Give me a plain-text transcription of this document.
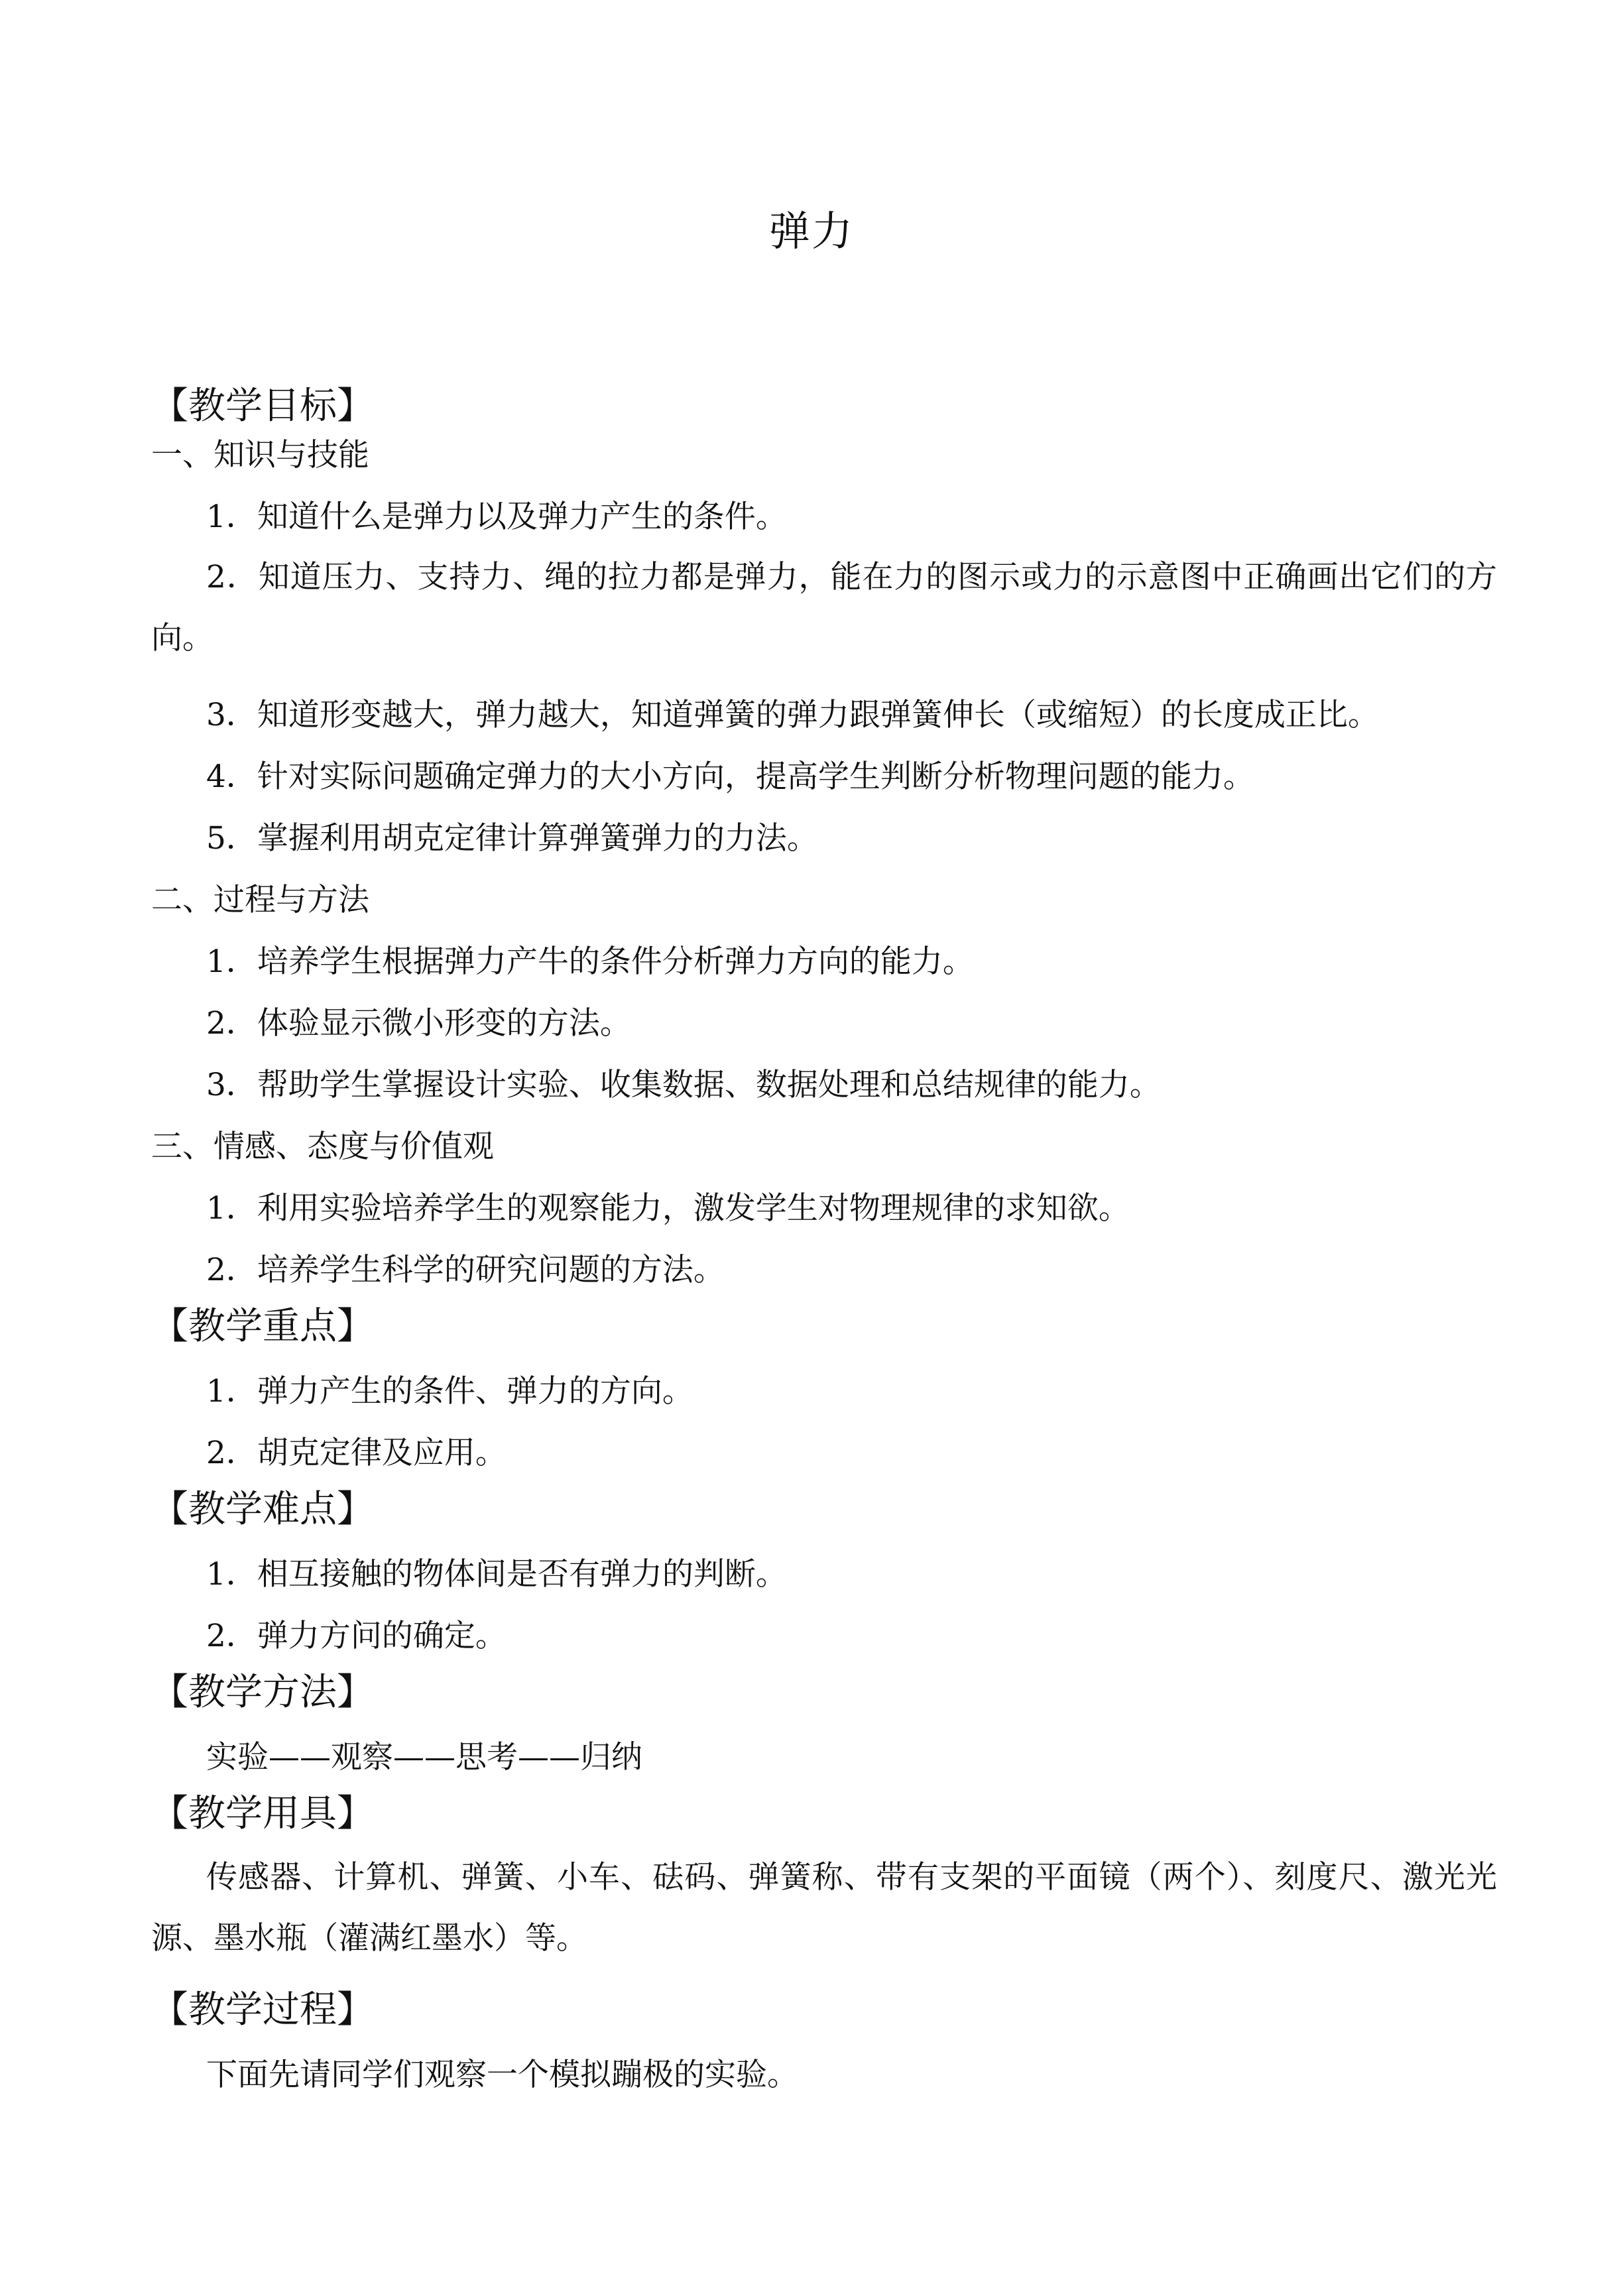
弹力
【教学目标】
一、知识与技能
1．知道什么是弹力以及弹力产生的条件。
2．知道压力、支持力、绳的拉力都是弹力，能在力的图示或力的示意图中正确画出它们的方向。
3．知道形变越大，弹力越大，知道弹簧的弹力跟弹簧伸长（或缩短）的长度成正比。
4．针对实际问题确定弹力的大小方向，提高学生判断分析物理问题的能力。
5．掌握利用胡克定律计算弹簧弹力的力法。
二、过程与方法
1．培养学生根据弹力产牛的条件分析弹力方向的能力。
2．体验显示微小形变的方法。
3．帮助学生掌握设计实验、收集数据、数据处理和总结规律的能力。
三、情感、态度与价值观
1．利用实验培养学生的观察能力，激发学生对物理规律的求知欲。
2．培养学生科学的研究问题的方法。
【教学重点】
1．弹力产生的条件、弹力的方向。
2．胡克定律及应用。
【教学难点】
1．相互接触的物体间是否有弹力的判断。
2．弹力方问的确定。
【教学方法】
实验——观察——思考——归纳
【教学用具】
传感器、计算机、弹簧、小车、砝码、弹簧称、带有支架的平面镜（两个）、刻度尺、激光光源、墨水瓶（灌满红墨水）等。
【教学过程】
下面先请同学们观察一个模拟蹦极的实验。
